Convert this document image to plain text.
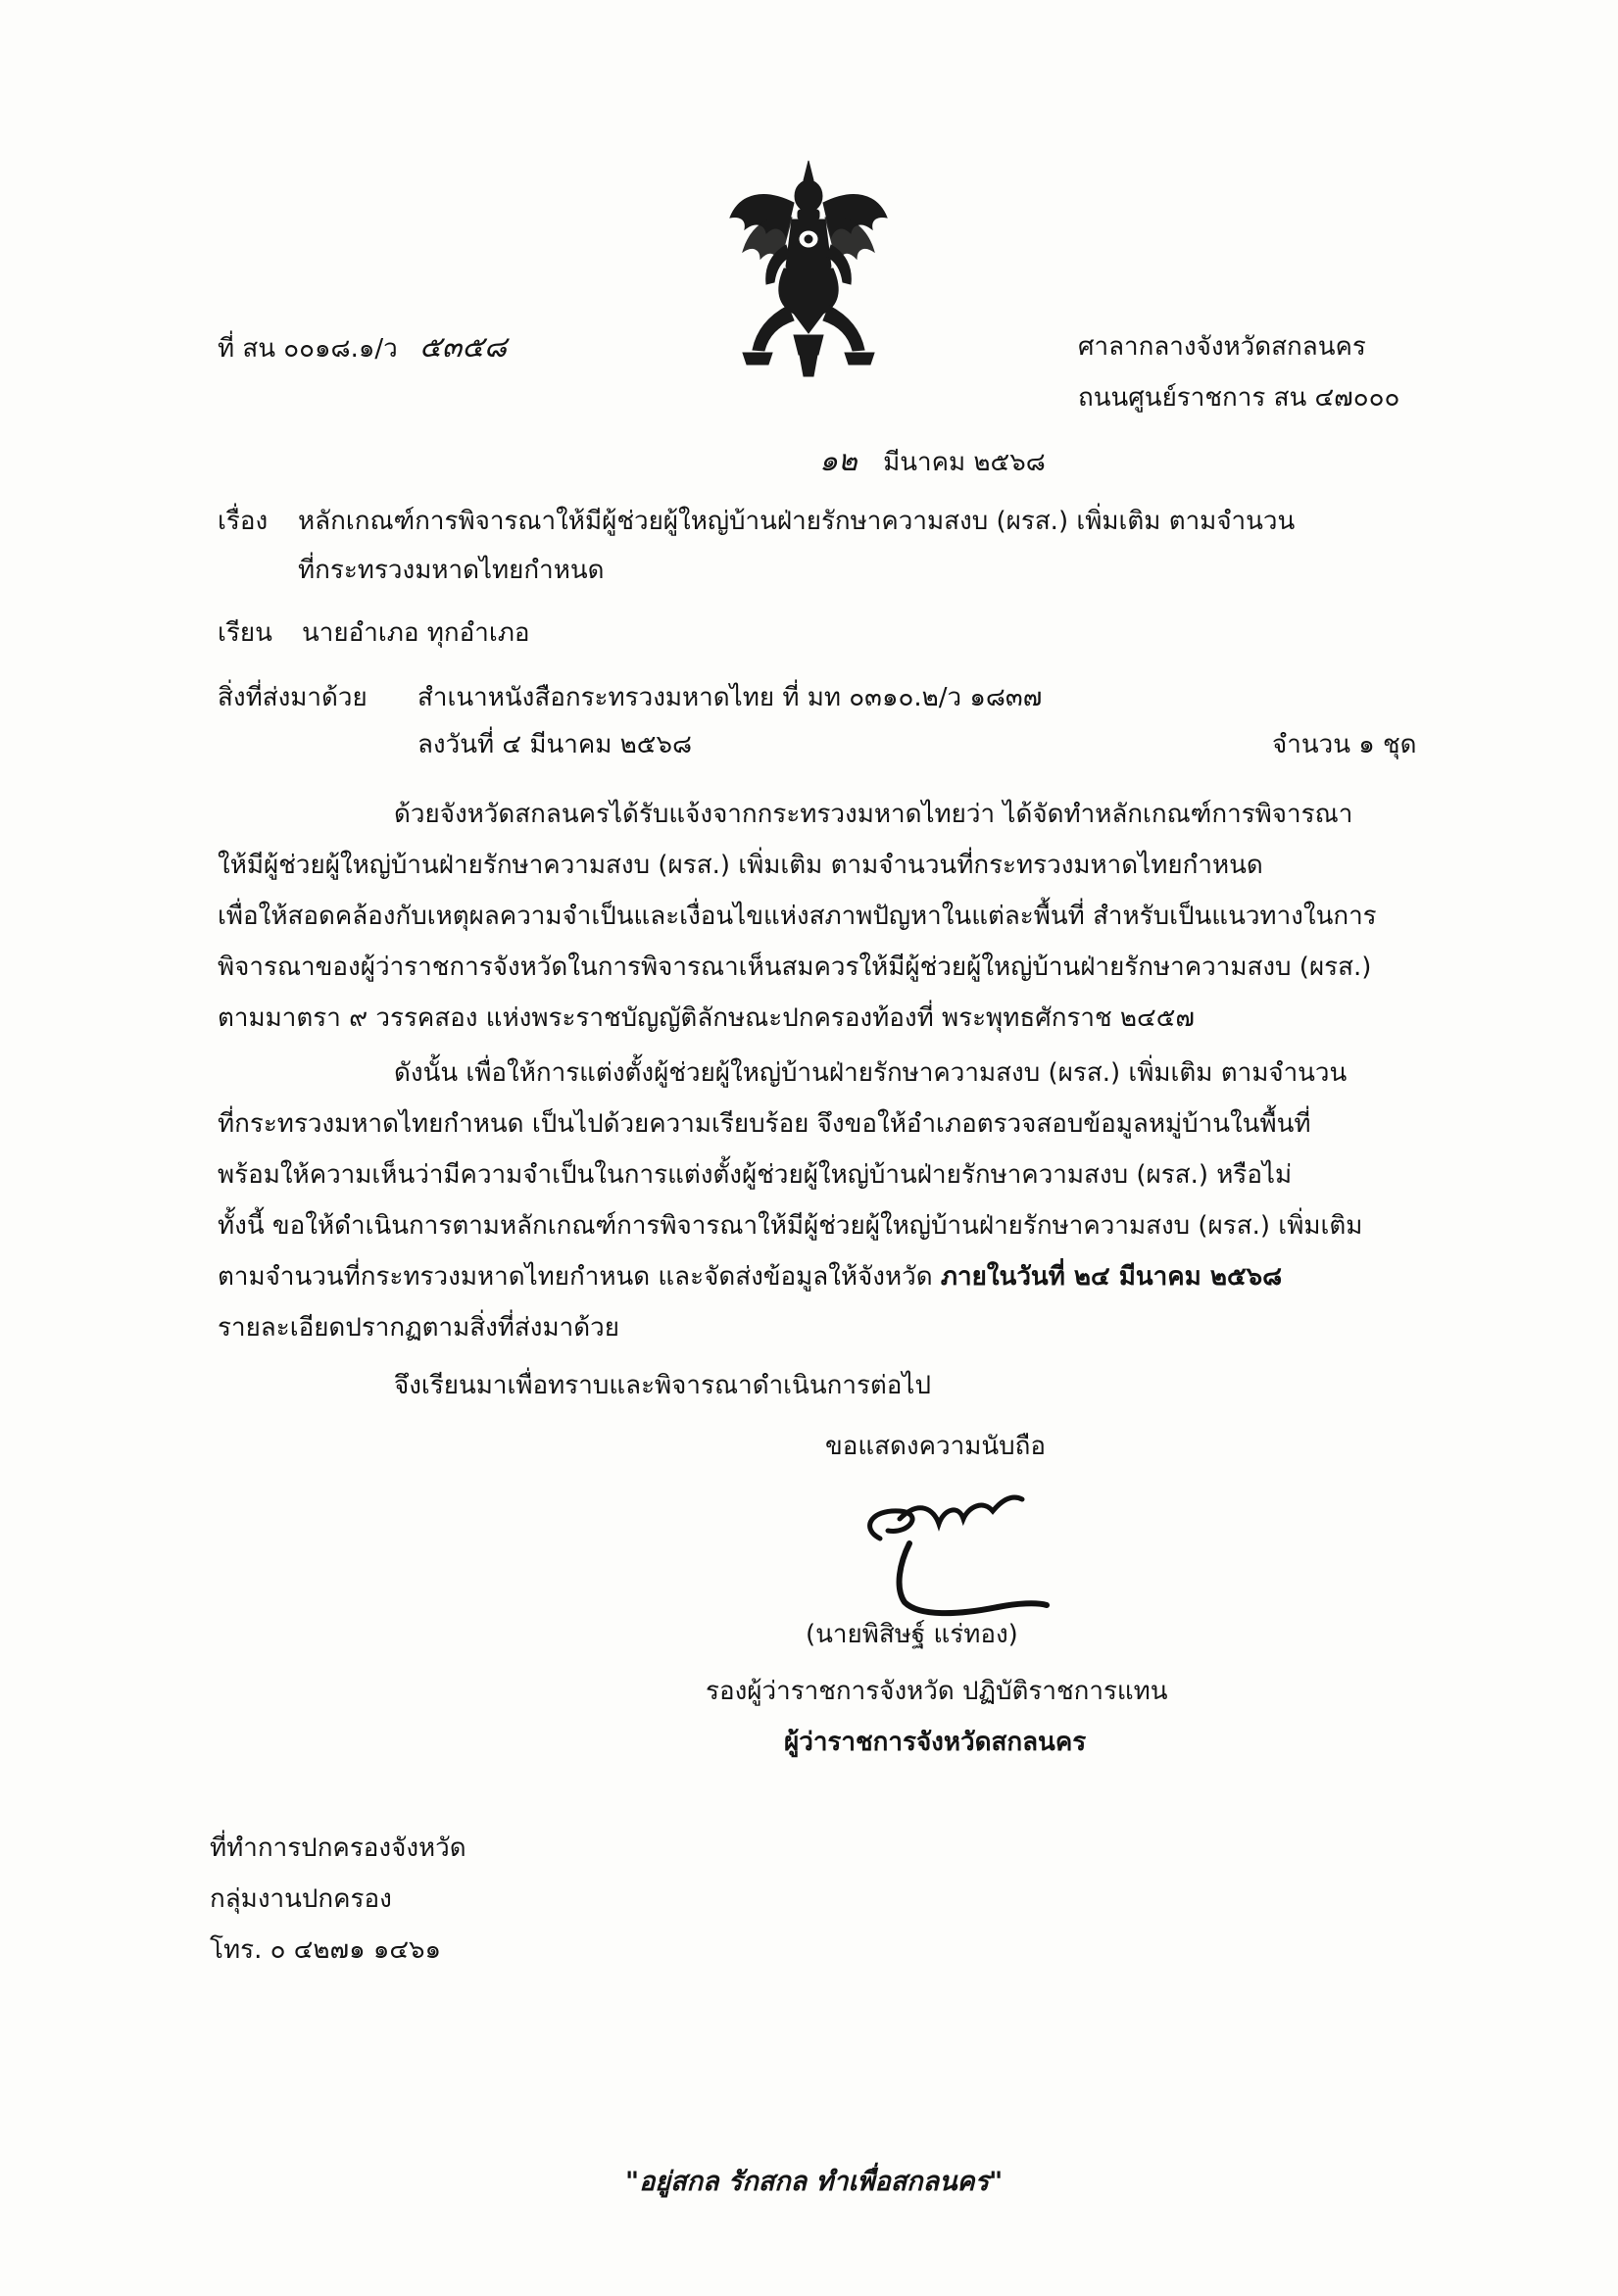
ที่ สน ๐๐๑๘.๑/ว ๕๓๕๘	ศาลากลางจังหวัดสกลนคร
ถนนศูนย์ราชการ สน ๔๗๐๐๐
๑๒ มีนาคม ๒๕๖๘
เรื่อง หลักเกณฑ์การพิจารณาให้มีผู้ช่วยผู้ใหญ่บ้านฝ่ายรักษาความสงบ (ผรส.) เพิ่มเติม ตามจำนวน
ที่กระทรวงมหาดไทยกำหนด
เรียน นายอำเภอ ทุกอำเภอ
สิ่งที่ส่งมาด้วย สำเนาหนังสือกระทรวงมหาดไทย ที่ มท ๐๓๑๐.๒/ว ๑๘๓๗
ลงวันที่ ๔ มีนาคม ๒๕๖๘	จำนวน ๑ ชุด
ด้วยจังหวัดสกลนครได้รับแจ้งจากกระทรวงมหาดไทยว่า ได้จัดทำหลักเกณฑ์การพิจารณา
ให้มีผู้ช่วยผู้ใหญ่บ้านฝ่ายรักษาความสงบ (ผรส.) เพิ่มเติม ตามจำนวนที่กระทรวงมหาดไทยกำหนด
เพื่อให้สอดคล้องกับเหตุผลความจำเป็นและเงื่อนไขแห่งสภาพปัญหาในแต่ละพื้นที่ สำหรับเป็นแนวทางในการ
พิจารณาของผู้ว่าราชการจังหวัดในการพิจารณาเห็นสมควรให้มีผู้ช่วยผู้ใหญ่บ้านฝ่ายรักษาความสงบ (ผรส.)
ตามมาตรา ๙ วรรคสอง แห่งพระราชบัญญัติลักษณะปกครองท้องที่ พระพุทธศักราช ๒๔๕๗
ดังนั้น เพื่อให้การแต่งตั้งผู้ช่วยผู้ใหญ่บ้านฝ่ายรักษาความสงบ (ผรส.) เพิ่มเติม ตามจำนวน
ที่กระทรวงมหาดไทยกำหนด เป็นไปด้วยความเรียบร้อย จึงขอให้อำเภอตรวจสอบข้อมูลหมู่บ้านในพื้นที่
พร้อมให้ความเห็นว่ามีความจำเป็นในการแต่งตั้งผู้ช่วยผู้ใหญ่บ้านฝ่ายรักษาความสงบ (ผรส.) หรือไม่
ทั้งนี้ ขอให้ดำเนินการตามหลักเกณฑ์การพิจารณาให้มีผู้ช่วยผู้ใหญ่บ้านฝ่ายรักษาความสงบ (ผรส.) เพิ่มเติม
ตามจำนวนที่กระทรวงมหาดไทยกำหนด และจัดส่งข้อมูลให้จังหวัด ภายในวันที่ ๒๔ มีนาคม ๒๕๖๘
รายละเอียดปรากฏตามสิ่งที่ส่งมาด้วย
จึงเรียนมาเพื่อทราบและพิจารณาดำเนินการต่อไป
ขอแสดงความนับถือ
(นายพิสิษฐ์ แร่ทอง)
รองผู้ว่าราชการจังหวัด ปฏิบัติราชการแทน
ผู้ว่าราชการจังหวัดสกลนคร
ที่ทำการปกครองจังหวัด
กลุ่มงานปกครอง
โทร. ๐ ๔๒๗๑ ๑๔๖๑
"อยู่สกล รักสกล ทำเพื่อสกลนคร"
